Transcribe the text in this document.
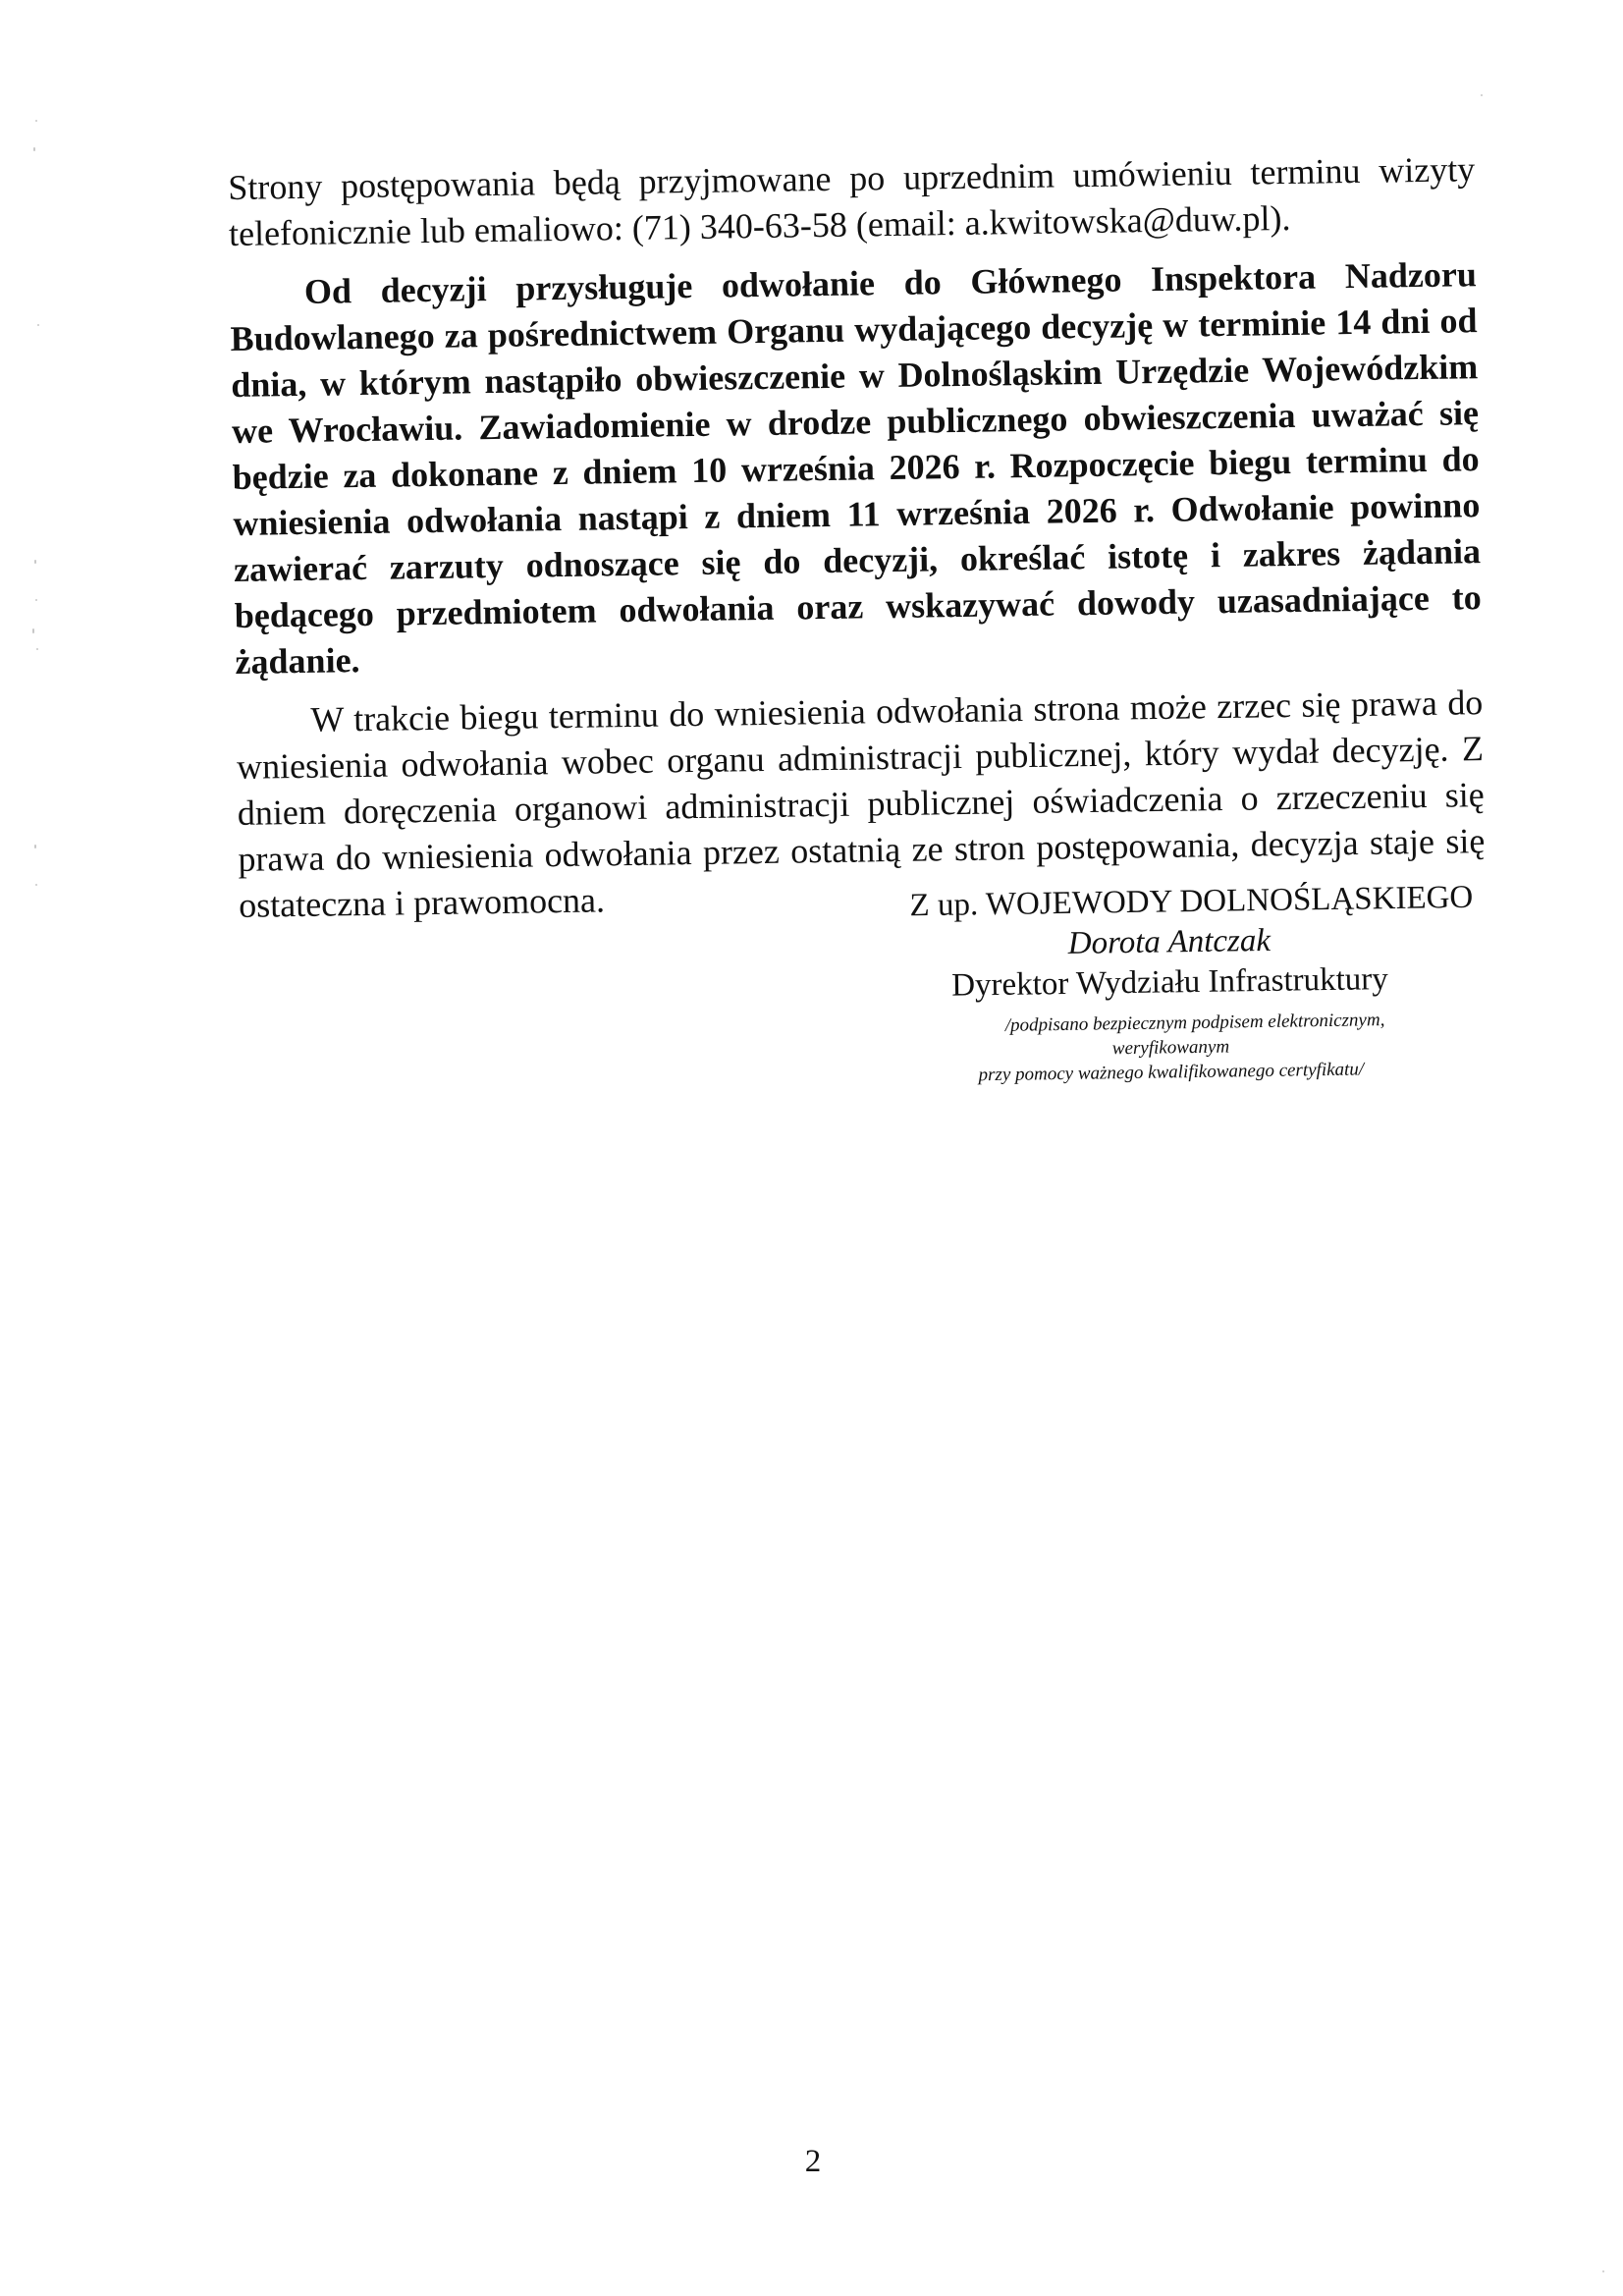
Strony postępowania będą przyjmowane po uprzednim umówieniu terminu wizyty telefonicznie lub emaliowo: (71) 340-63-58 (email: a.kwitowska@duw.pl).

Od decyzji przysługuje odwołanie do Głównego Inspektora Nadzoru Budowlanego za pośrednictwem Organu wydającego decyzję w terminie 14 dni od dnia, w którym nastąpiło obwieszczenie w Dolnośląskim Urzędzie Wojewódzkim we Wrocławiu. Zawiadomienie w drodze publicznego obwieszczenia uważać się będzie za dokonane z dniem 10 września 2026 r. Rozpoczęcie biegu terminu do wniesienia odwołania nastąpi z dniem 11 września 2026 r. Odwołanie powinno zawierać zarzuty odnoszące się do decyzji, określać istotę i zakres żądania będącego przedmiotem odwołania oraz wskazywać dowody uzasadniające to żądanie.

W trakcie biegu terminu do wniesienia odwołania strona może zrzec się prawa do wniesienia odwołania wobec organu administracji publicznej, który wydał decyzję. Z dniem doręczenia organowi administracji publicznej oświadczenia o zrzeczeniu się prawa do wniesienia odwołania przez ostatnią ze stron postępowania, decyzja staje się ostateczna i prawomocna.	Z up. WOJEWODY DOLNOŚLĄSKIEGO
Dorota Antczak
Dyrektor Wydziału Infrastruktury
/podpisano bezpiecznym podpisem elektronicznym,
weryfikowanym
przy pomocy ważnego kwalifikowanego certyfikatu/
2
